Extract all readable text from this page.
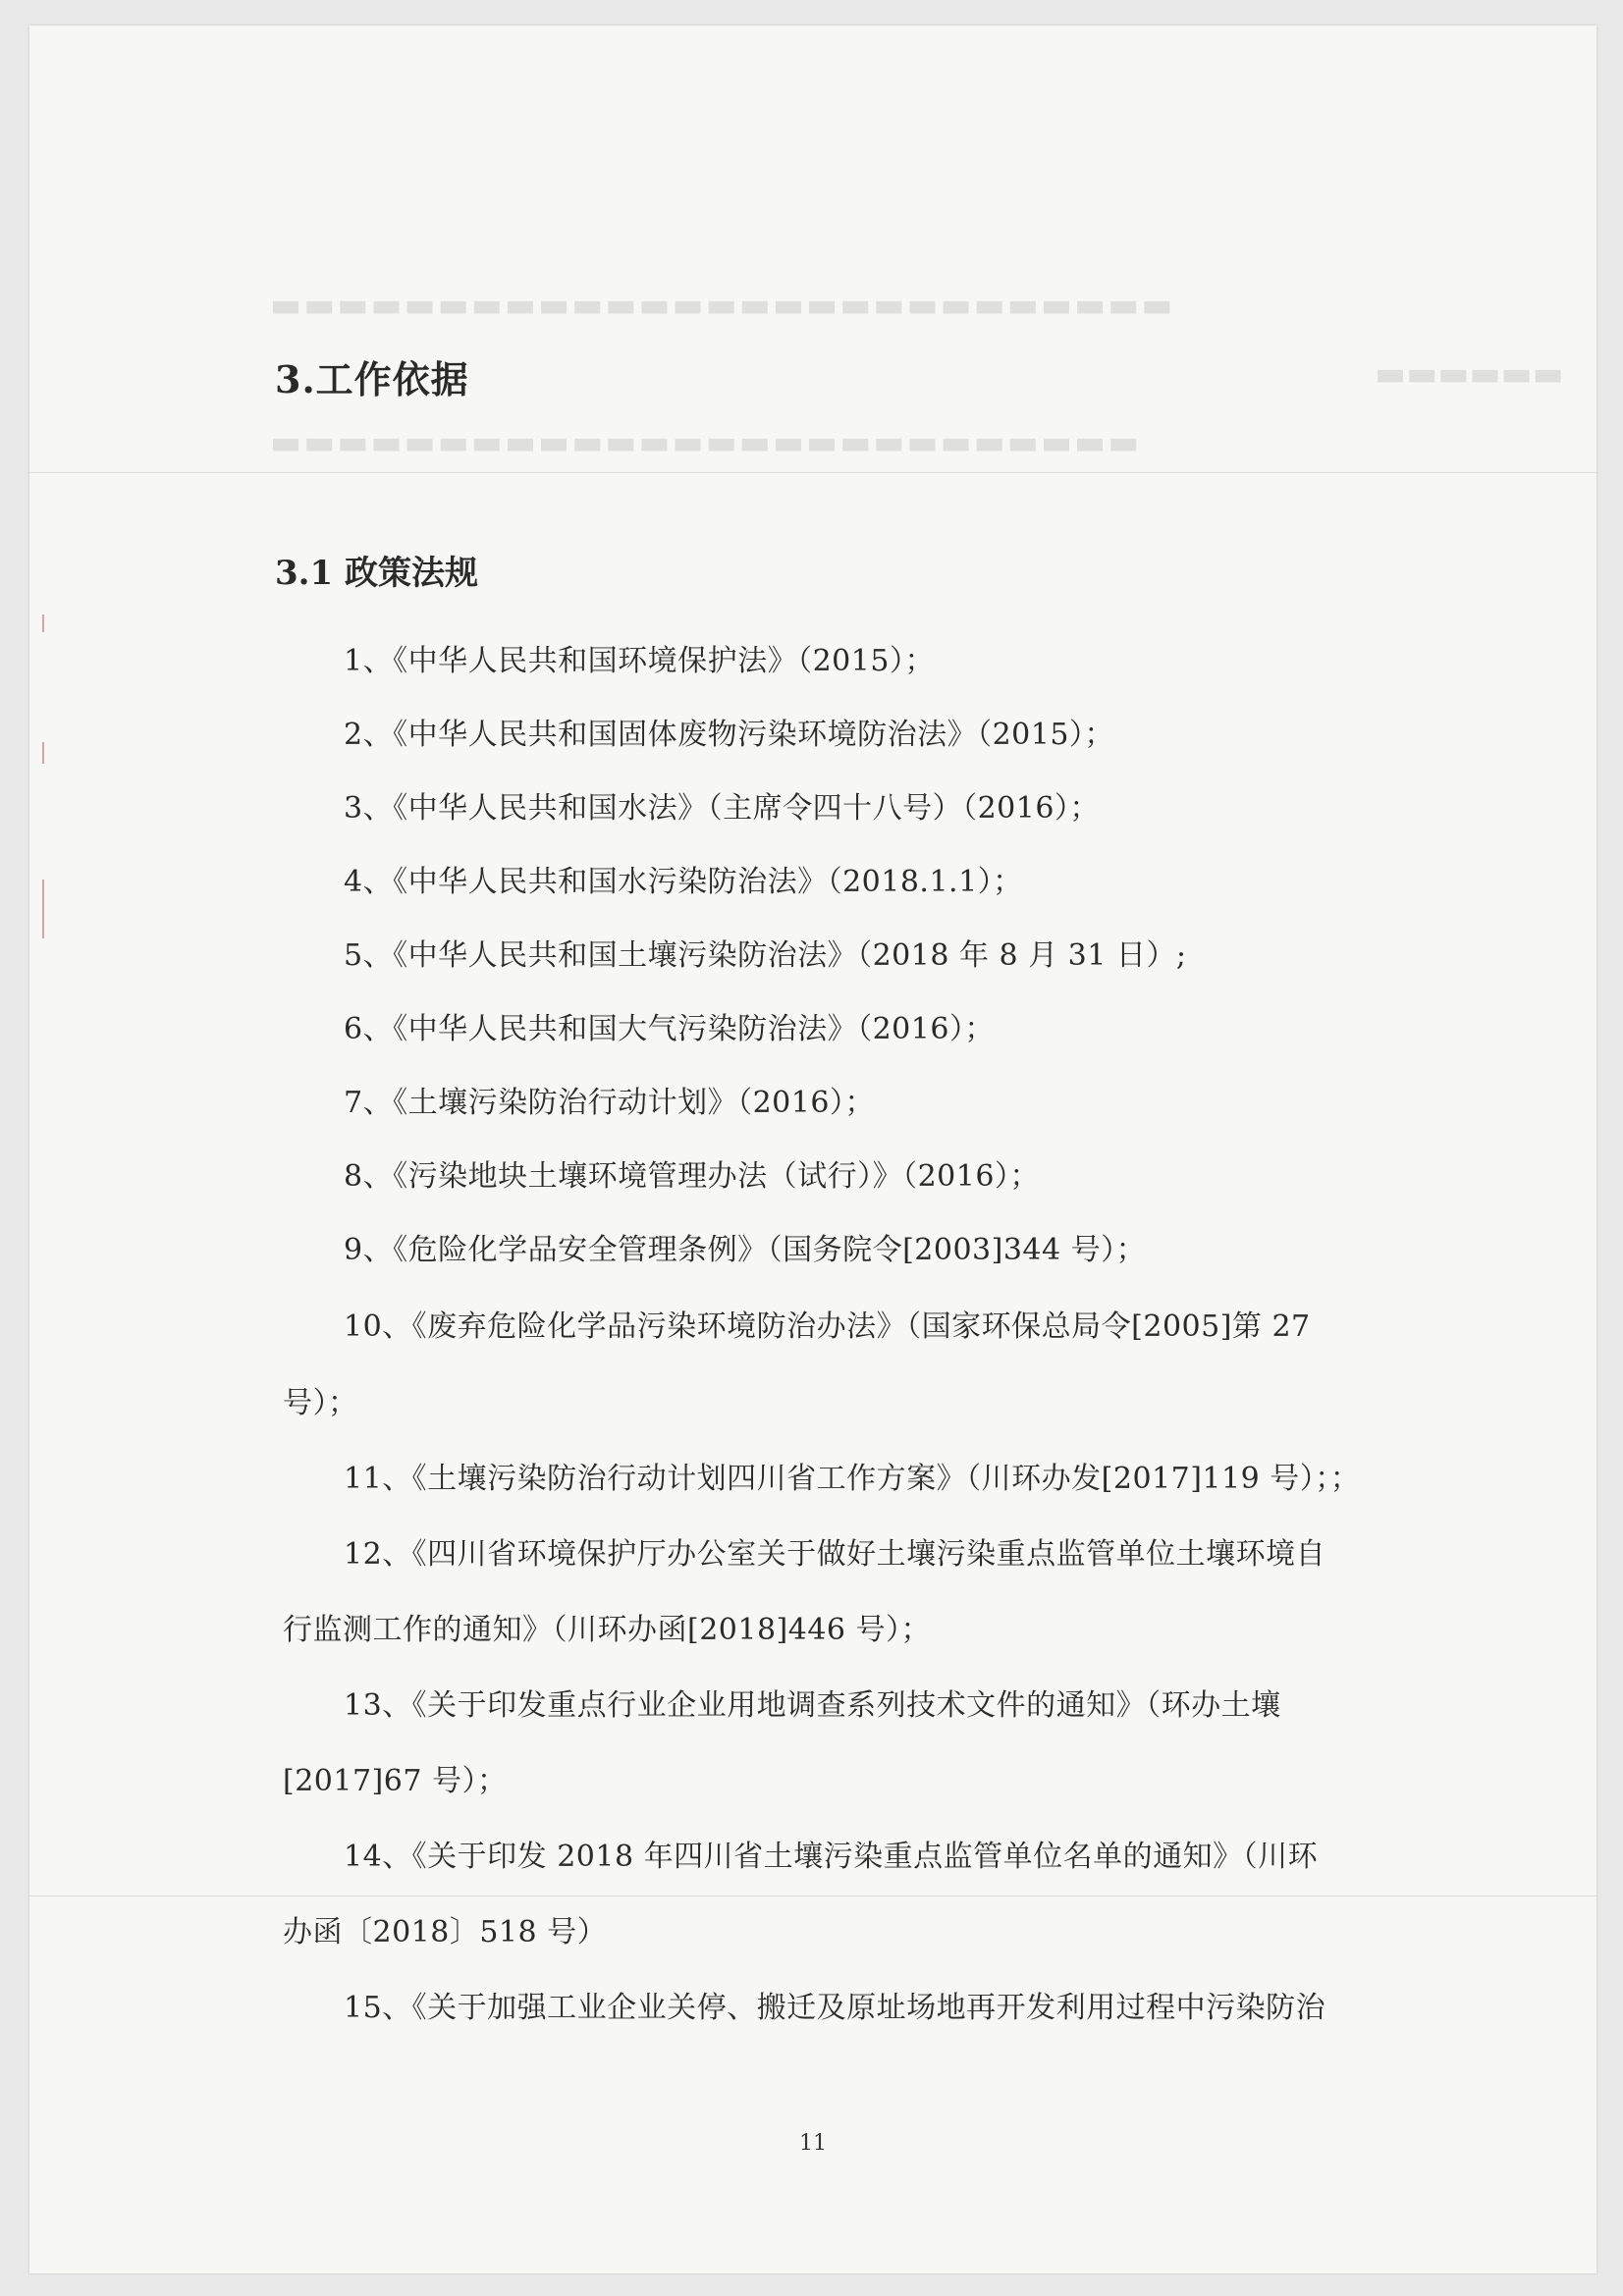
▬▬▬▬▬▬▬▬▬▬▬▬▬▬▬▬▬▬▬▬▬▬▬▬▬▬▬
▬▬▬▬▬▬
▬▬▬▬▬▬▬▬▬▬▬▬▬▬▬▬▬▬▬▬▬▬▬▬▬▬
3.工作依据
3.1 政策法规
1、《中华人民共和国环境保护法》（2015）；
2、《中华人民共和国固体废物污染环境防治法》（2015）；
3、《中华人民共和国水法》（主席令四十八号）（2016）；
4、《中华人民共和国水污染防治法》（2018.1.1）；
5、《中华人民共和国土壤污染防治法》（2018 年 8 月 31 日）;
6、《中华人民共和国大气污染防治法》（2016）；
7、《土壤污染防治行动计划》（2016）；
8、《污染地块土壤环境管理办法（试行）》（2016）；
9、《危险化学品安全管理条例》（国务院令[2003]344 号）；
10、《废弃危险化学品污染环境防治办法》（国家环保总局令[2005]第 27
号）；
11、《土壤污染防治行动计划四川省工作方案》（川环办发[2017]119 号）；；
12、《四川省环境保护厅办公室关于做好土壤污染重点监管单位土壤环境自
行监测工作的通知》（川环办函[2018]446 号）；
13、《关于印发重点行业企业用地调查系列技术文件的通知》（环办土壤
[2017]67 号）；
14、《关于印发 2018 年四川省土壤污染重点监管单位名单的通知》（川环
办函〔2018〕518 号）
15、《关于加强工业企业关停、搬迁及原址场地再开发利用过程中污染防治
11
